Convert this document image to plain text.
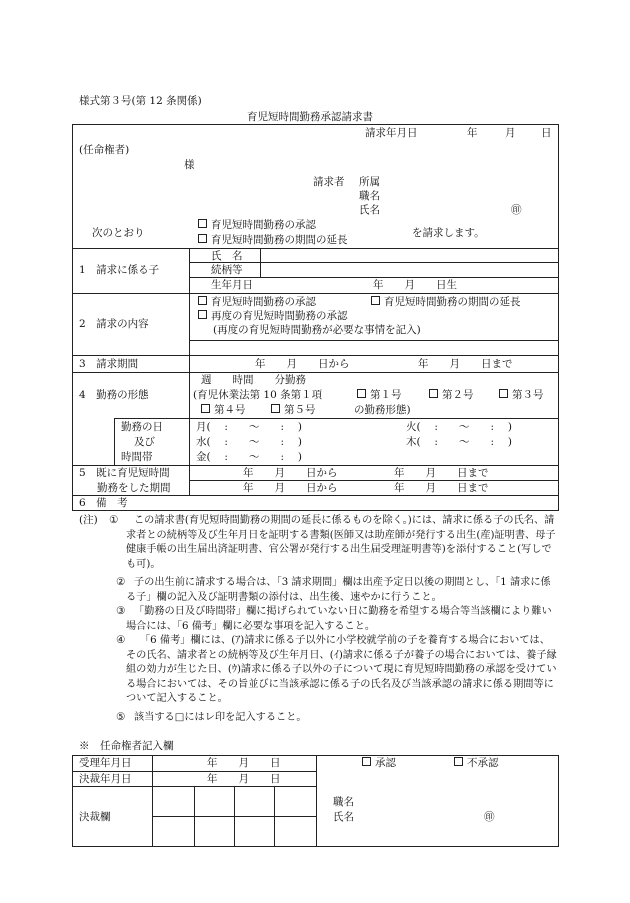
様式第３号(第 12 条関係)
育児短時間勤務承認請求書
請求年月日	年	月 日
(任命権者)
様
請求者 所属
職名
氏名	㊞
次のとおり
育児短時間勤務の承認
育児短時間勤務の期間の延長
を請求します。
1　請求に係る子
氏　名
続柄等
生年月日	年　　月　　日生
2　請求の内容
育児短時間勤務の承認	育児短時間勤務の期間の延長
再度の育児短時間勤務の承認
(再度の育児短時間勤務が必要な事情を記入)
3　請求期間	年　　月　　日から	年　　月　　日まで
4　勤務の形態
週　　時間　　分勤務
(育児休業法第 10 条第１項	第１号	第２号	第３号
第４号	第５号	の勤務形態)
勤務の日
及び
時間帯
月(　 :　　～　　:　 )	火(　 :　　～　　:　 )
水(　 :　　～　　:　 )	木(　 :　　～　　:　 )
金(　 :　　～　　:　 )
5　既に育児短時間
勤務をした期間
年　　月　　日から	年　　月　　日まで
年　　月　　日から	年　　月　　日まで
6　備　考
(注) ①	この請求書(育児短時間勤務の期間の延長に係るものを除く。)には、請求に係る子の氏名、請求者との続柄等及び生年月日を証明する書類(医師又は助産師が発行する出生(産)証明書、母子健康手帳の出生届出済証明書、官公署が発行する出生届受理証明書等)を添付すること(写しでも可)。
② 子の出生前に請求する場合は、「3 請求期間」欄は出産予定日以後の期間とし、「1 請求に係る子」欄の記入及び証明書類の添付は、出生後、速やかに行うこと。
③ 「勤務の日及び時間帯」欄に掲げられていない日に勤務を希望する場合等当該欄により難い場合には、「6 備考」欄に必要な事項を記入すること。
④	「6 備考」欄には、(ｱ)請求に係る子以外に小学校就学前の子を養育する場合においては、その氏名、請求者との続柄等及び生年月日、(ｲ)請求に係る子が養子の場合においては、養子縁組の効力が生じた日、(ｳ)請求に係る子以外の子について現に育児短時間勤務の承認を受けている場合においては、その旨並びに当該承認に係る子の氏名及び当該承認の請求に係る期間等について記入すること。
⑤ 該当する□にはレ印を記入すること。
※　任命権者記入欄
受理年月日	年　　月　　日
決裁年月日	年　　月　　日
承認	不承認
決裁欄
職名
氏名	㊞
